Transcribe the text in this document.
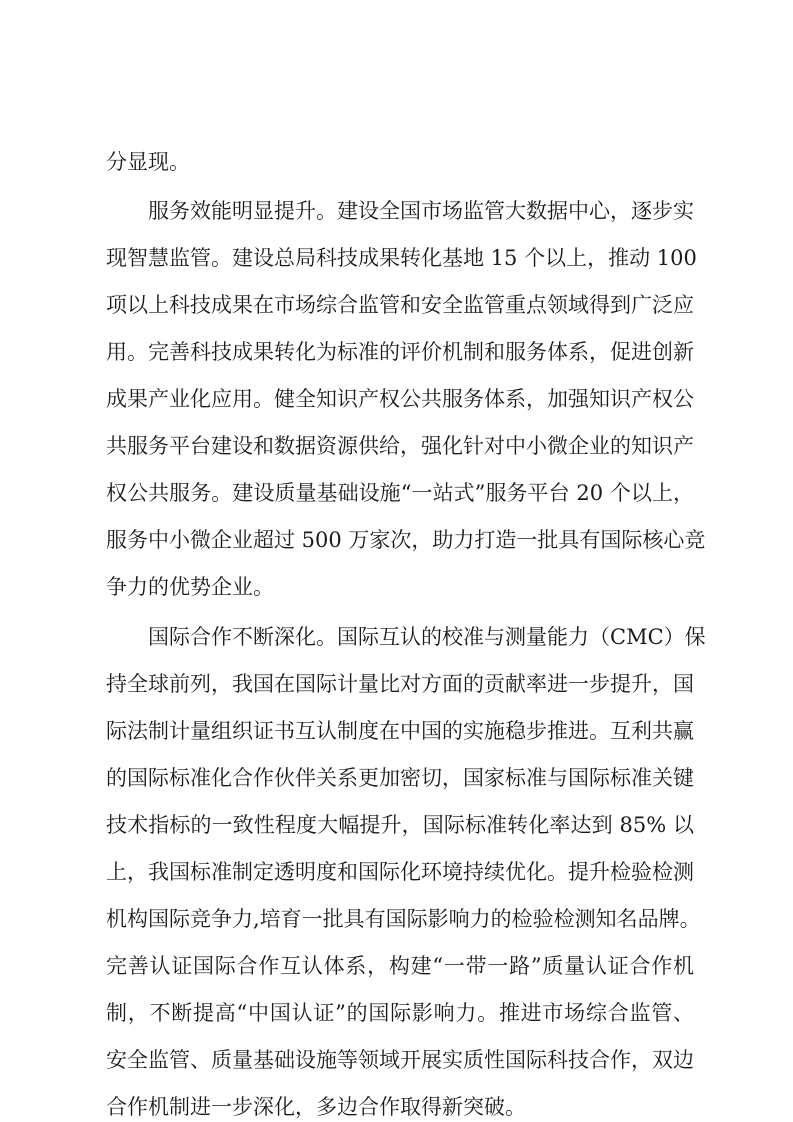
分显现。
服务效能明显提升。建设全国市场监管大数据中心，逐步实
现智慧监管。建设总局科技成果转化基地 15 个以上，推动 100
项以上科技成果在市场综合监管和安全监管重点领域得到广泛应
用。完善科技成果转化为标准的评价机制和服务体系，促进创新
成果产业化应用。健全知识产权公共服务体系，加强知识产权公
共服务平台建设和数据资源供给，强化针对中小微企业的知识产
权公共服务。建设质量基础设施“一站式”服务平台 20 个以上，
服务中小微企业超过 500 万家次，助力打造一批具有国际核心竞
争力的优势企业。
国际合作不断深化。国际互认的校准与测量能力（CMC）保
持全球前列，我国在国际计量比对方面的贡献率进一步提升，国
际法制计量组织证书互认制度在中国的实施稳步推进。互利共赢
的国际标准化合作伙伴关系更加密切，国家标准与国际标准关键
技术指标的一致性程度大幅提升，国际标准转化率达到 85% 以
上，我国标准制定透明度和国际化环境持续优化。提升检验检测
机构国际竞争力,培育一批具有国际影响力的检验检测知名品牌。
完善认证国际合作互认体系，构建“一带一路”质量认证合作机
制，不断提高“中国认证”的国际影响力。推进市场综合监管、
安全监管、质量基础设施等领域开展实质性国际科技合作，双边
合作机制进一步深化，多边合作取得新突破。
